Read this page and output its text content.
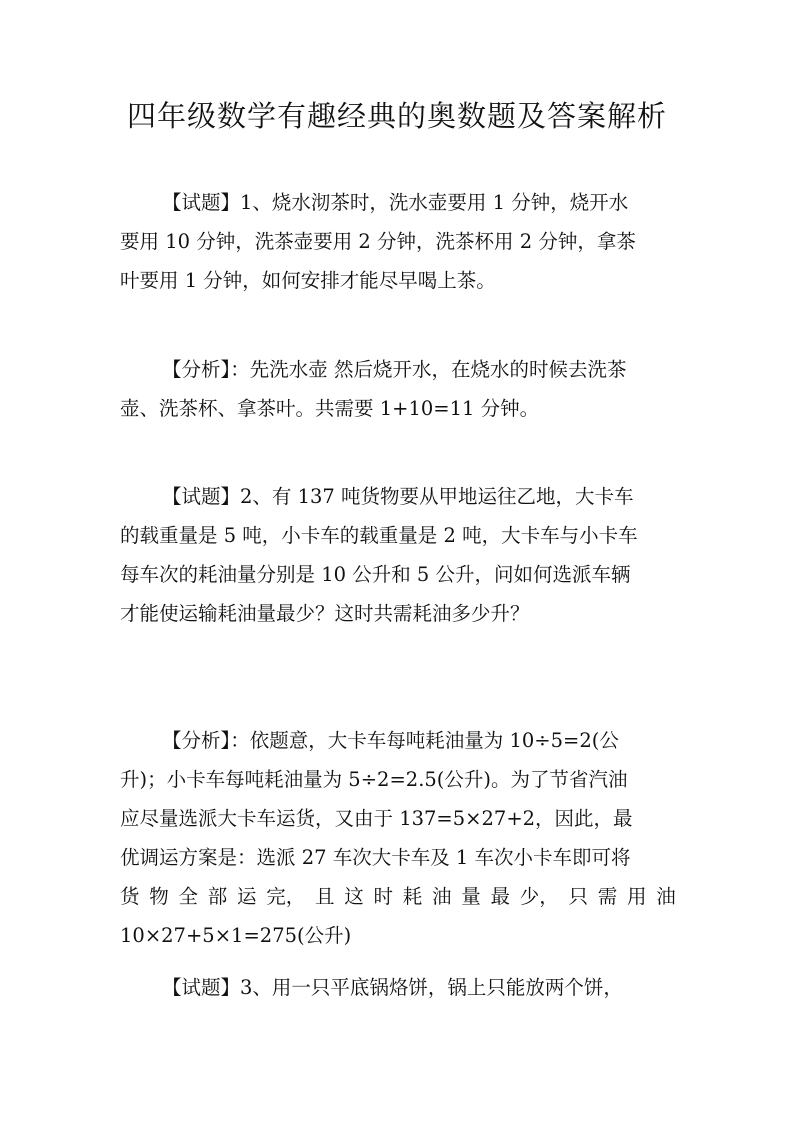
四年级数学有趣经典的奥数题及答案解析
【试题】1、烧水沏茶时，洗水壶要用 1 分钟，烧开水
要用 10 分钟，洗茶壶要用 2 分钟，洗茶杯用 2 分钟，拿茶
叶要用 1 分钟，如何安排才能尽早喝上茶。
【分析】：先洗水壶 然后烧开水，在烧水的时候去洗茶
壶、洗茶杯、拿茶叶。共需要 1+10=11 分钟。
【试题】2、有 137 吨货物要从甲地运往乙地，大卡车
的载重量是 5 吨，小卡车的载重量是 2 吨，大卡车与小卡车
每车次的耗油量分别是 10 公升和 5 公升，问如何选派车辆
才能使运输耗油量最少？这时共需耗油多少升？
【分析】：依题意，大卡车每吨耗油量为 10÷5=2(公
升)；小卡车每吨耗油量为 5÷2=2.5(公升)。为了节省汽油
应尽量选派大卡车运货，又由于 137=5×27+2，因此，最
优调运方案是：选派 27 车次大卡车及 1 车次小卡车即可将
货 物 全 部 运 完， 且 这 时 耗 油 量 最 少， 只 需 用 油
10×27+5×1=275(公升)
【试题】3、用一只平底锅烙饼，锅上只能放两个饼，
